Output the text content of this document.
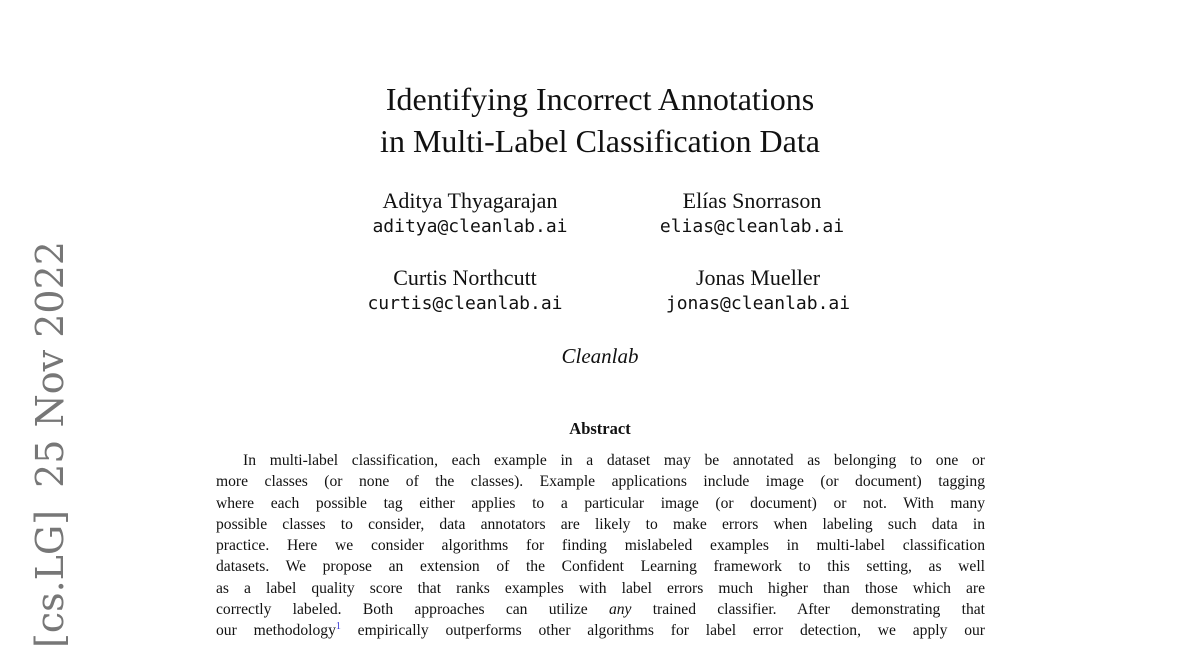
[cs.LG]
25 Nov 2022
Identifying Incorrect Annotations
in Multi-Label Classification Data
Aditya Thyagarajan
aditya@cleanlab.ai
Elías Snorrason
elias@cleanlab.ai
Curtis Northcutt
curtis@cleanlab.ai
Jonas Mueller
jonas@cleanlab.ai
Cleanlab
Abstract
In multi-label classification, each example in a dataset may be annotated as belonging to one or
more classes (or none of the classes). Example applications include image (or document) tagging
where each possible tag either applies to a particular image (or document) or not. With many
possible classes to consider, data annotators are likely to make errors when labeling such data in
practice. Here we consider algorithms for finding mislabeled examples in multi-label classification
datasets. We propose an extension of the Confident Learning framework to this setting, as well
as a label quality score that ranks examples with label errors much higher than those which are
correctly labeled. Both approaches can utilize any trained classifier. After demonstrating that
our methodology$^1$ empirically outperforms other algorithms for label error detection, we apply our
